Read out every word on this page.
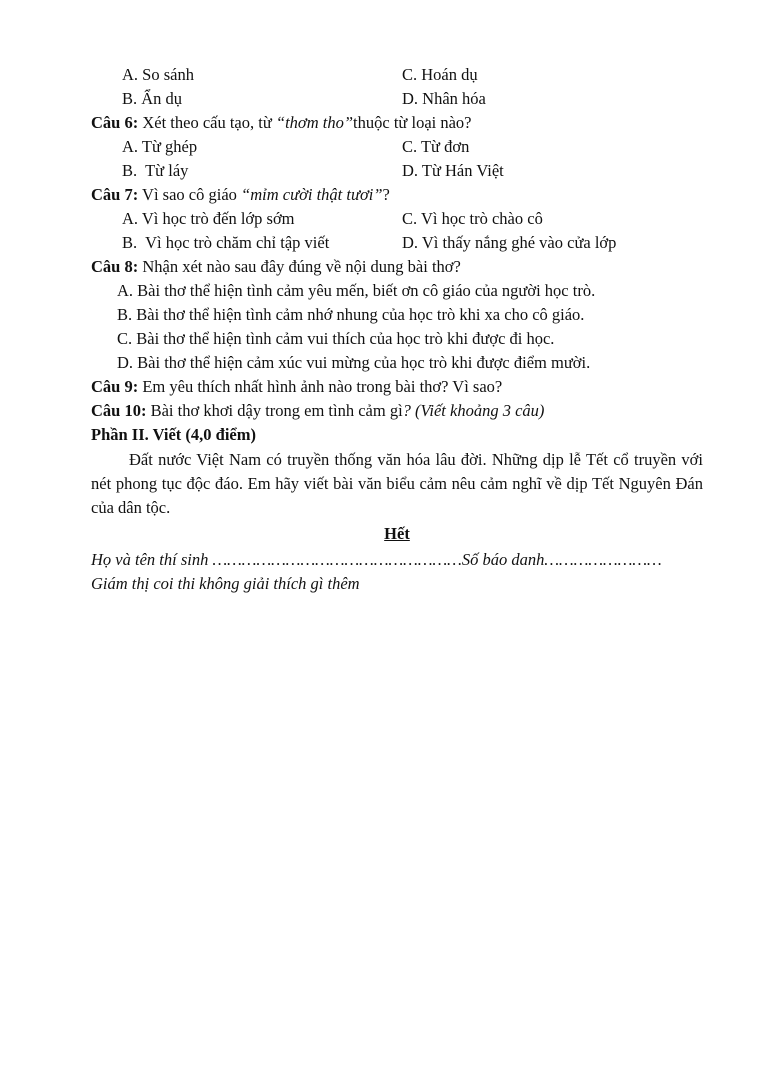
A. So sánh	C. Hoán dụ
B. Ẩn dụ	D. Nhân hóa
Câu 6: Xét theo cấu tạo, từ “thơm tho”thuộc từ loại nào?
A. Từ ghép	C. Từ đơn
B.  Từ láy	D. Từ Hán Việt
Câu 7: Vì sao cô giáo “mỉm cười thật tươi”?
A. Vì học trò đến lớp sớm	C. Vì học trò chào cô
B.  Vì học trò chăm chỉ tập viết	D. Vì thấy nắng ghé vào cửa lớp
Câu 8: Nhận xét nào sau đây đúng về nội dung bài thơ?
A. Bài thơ thể hiện tình cảm yêu mến, biết ơn cô giáo của người học trò.
B. Bài thơ thể hiện tình cảm nhớ nhung của học trò khi xa cho cô giáo.
C. Bài thơ thể hiện tình cảm vui thích của học trò khi được đi học.
D. Bài thơ thể hiện cảm xúc vui mừng của học trò khi được điểm mười.
Câu 9: Em yêu thích nhất hình ảnh nào trong bài thơ? Vì sao?
Câu 10: Bài thơ khơi dậy trong em tình cảm gì? (Viết khoảng 3 câu)
Phần II. Viết (4,0 điểm)
Đất nước Việt Nam có truyền thống văn hóa lâu đời. Những dịp lễ Tết cổ truyền với nét phong tục độc đáo. Em hãy viết bài văn biểu cảm nêu cảm nghĩ về dịp Tết Nguyên Đán của dân tộc.
Hết
Họ và tên thí sinh …………………………………………… Số báo danh……………………
Giám thị coi thi không giải thích gì thêm
